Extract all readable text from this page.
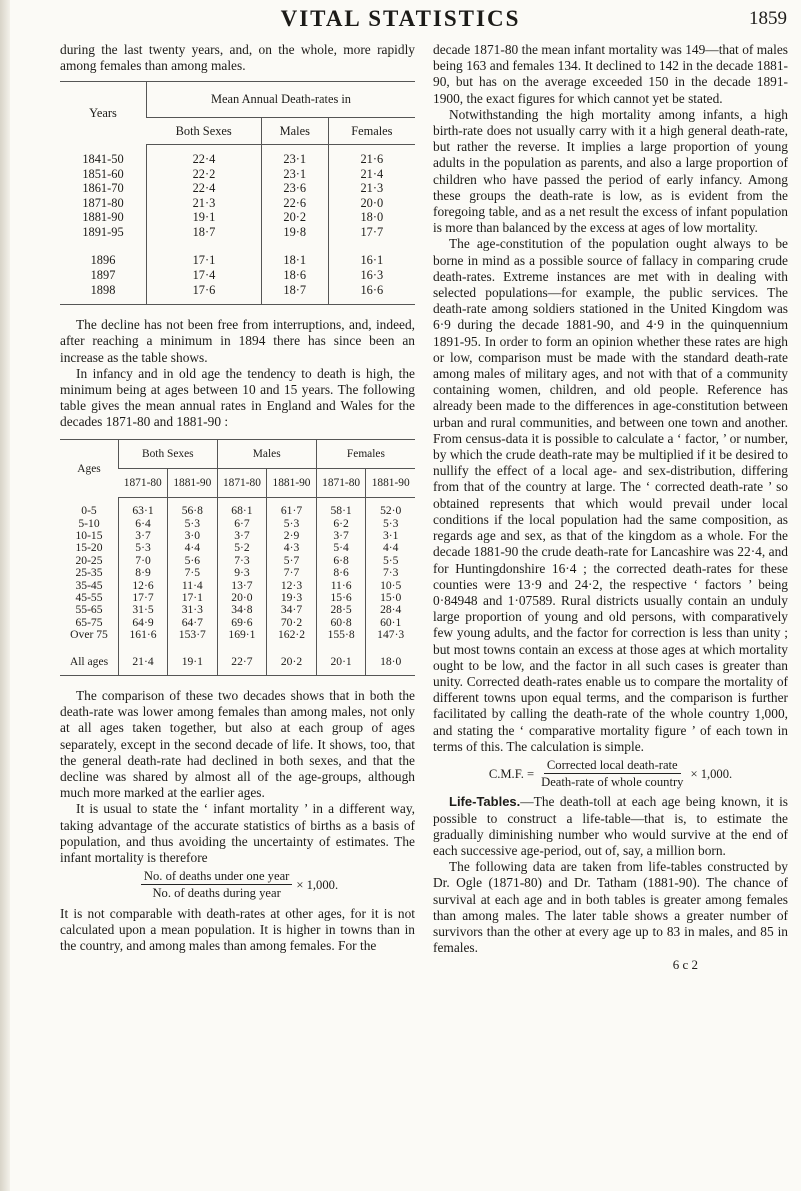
VITAL STATISTICS	1859

during the last twenty years, and, on the whole, more rapidly among females than among males.

Years	Mean Annual Death-rates in		
	Both Sexes	Males	Females

1841-50	22·4	23·1	21·6
1851-60	22·2	23·1	21·4
1861-70	22·4	23·6	21·3
1871-80	21·3	22·6	20·0
1881-90	19·1	20·2	18·0
1891-95	18·7	19·8	17·7

1896	17·1	18·1	16·1
1897	17·4	18·6	16·3
1898	17·6	18·7	16·6

The decline has not been free from interruptions, and, indeed, after reaching a minimum in 1894 there has since been an increase as the table shows.

In infancy and in old age the tendency to death is high, the minimum being at ages between 10 and 15 years. The following table gives the mean annual rates in England and Wales for the decades 1871-80 and 1881-90 :

Ages	Both Sexes		Males		Females	
	1871-80	1881-90	1871-80	1881-90	1871-80	1881-90

0-5	63·1	56·8	68·1	61·7	58·1	52·0
5-10	6·4	5·3	6·7	5·3	6·2	5·3
10-15	3·7	3·0	3·7	2·9	3·7	3·1
15-20	5·3	4·4	5·2	4·3	5·4	4·4
20-25	7·0	5·6	7·3	5·7	6·8	5·5
25-35	8·9	7·5	9·3	7·7	8·6	7·3
35-45	12·6	11·4	13·7	12·3	11·6	10·5
45-55	17·7	17·1	20·0	19·3	15·6	15·0
55-65	31·5	31·3	34·8	34·7	28·5	28·4
65-75	64·9	64·7	69·6	70·2	60·8	60·1
Over 75	161·6	153·7	169·1	162·2	155·8	147·3

All ages	21·4	19·1	22·7	20·2	20·1	18·0

The comparison of these two decades shows that in both the death-rate was lower among females than among males, not only at all ages taken together, but also at each group of ages separately, except in the second decade of life. It shows, too, that the general death-rate had declined in both sexes, and that the decline was shared by almost all of the age-groups, although much more marked at the earlier ages.

It is usual to state the ‘ infant mortality ’ in a different way, taking advantage of the accurate statistics of births as a basis of population, and thus avoiding the uncertainty of estimates. The infant mortality is therefore

$\frac{\text{No. of deaths under one year}}{\text{No. of deaths during year}} \times 1,000$.

It is not comparable with death-rates at other ages, for it is not calculated upon a mean population. It is higher in towns than in the country, and among males than among females. For the

decade 1871-80 the mean infant mortality was 149—that of males being 163 and females 134. It declined to 142 in the decade 1881-90, but has on the average exceeded 150 in the decade 1891-1900, the exact figures for which cannot yet be stated.

Notwithstanding the high mortality among infants, a high birth-rate does not usually carry with it a high general death-rate, but rather the reverse. It implies a large proportion of young adults in the population as parents, and also a large proportion of children who have passed the period of early infancy. Among these groups the death-rate is low, as is evident from the foregoing table, and as a net result the excess of infant population is more than balanced by the excess at ages of low mortality.

The age-constitution of the population ought always to be borne in mind as a possible source of fallacy in comparing crude death-rates. Extreme instances are met with in dealing with selected populations—for example, the public services. The death-rate among soldiers stationed in the United Kingdom was 6·9 during the decade 1881-90, and 4·9 in the quinquennium 1891-95. In order to form an opinion whether these rates are high or low, comparison must be made with the standard death-rate among males of military ages, and not with that of a community containing women, children, and old people. Reference has already been made to the differences in age-constitution between urban and rural communities, and between one town and another. From census-data it is possible to calculate a ‘ factor, ’ or number, by which the crude death-rate may be multiplied if it be desired to nullify the effect of a local age- and sex-distribution, differing from that of the country at large. The ‘ corrected death-rate ’ so obtained represents that which would prevail under local conditions if the local population had the same composition, as regards age and sex, as that of the kingdom as a whole. For the decade 1881-90 the crude death-rate for Lancashire was 22·4, and for Huntingdonshire 16·4 ; the corrected death-rates for these counties were 13·9 and 24·2, the respective ‘ factors ’ being 0·84948 and 1·07589. Rural districts usually contain an unduly large proportion of young and old persons, with comparatively few young adults, and the factor for correction is less than unity ; but most towns contain an excess at those ages at which mortality ought to be low, and the factor in all such cases is greater than unity. Corrected death-rates enable us to compare the mortality of different towns upon equal terms, and the comparison is further facilitated by calling the death-rate of the whole country 1,000, and stating the ‘ comparative mortality figure ’ of each town in terms of this. The calculation is simple.

C.M.F. = $\frac{\text{Corrected local death-rate}}{\text{Death-rate of whole country}} \times 1,000$.

Life-Tables.—The death-toll at each age being known, it is possible to construct a life-table—that is, to estimate the gradually diminishing number who would survive at the end of each successive age-period, out of, say, a million born.

The following data are taken from life-tables constructed by Dr. Ogle (1871-80) and Dr. Tatham (1881-90). The chance of survival at each age and in both tables is greater among females than among males. The later table shows a greater number of survivors than the other at every age up to 83 in males, and 85 in females.

6 c 2
